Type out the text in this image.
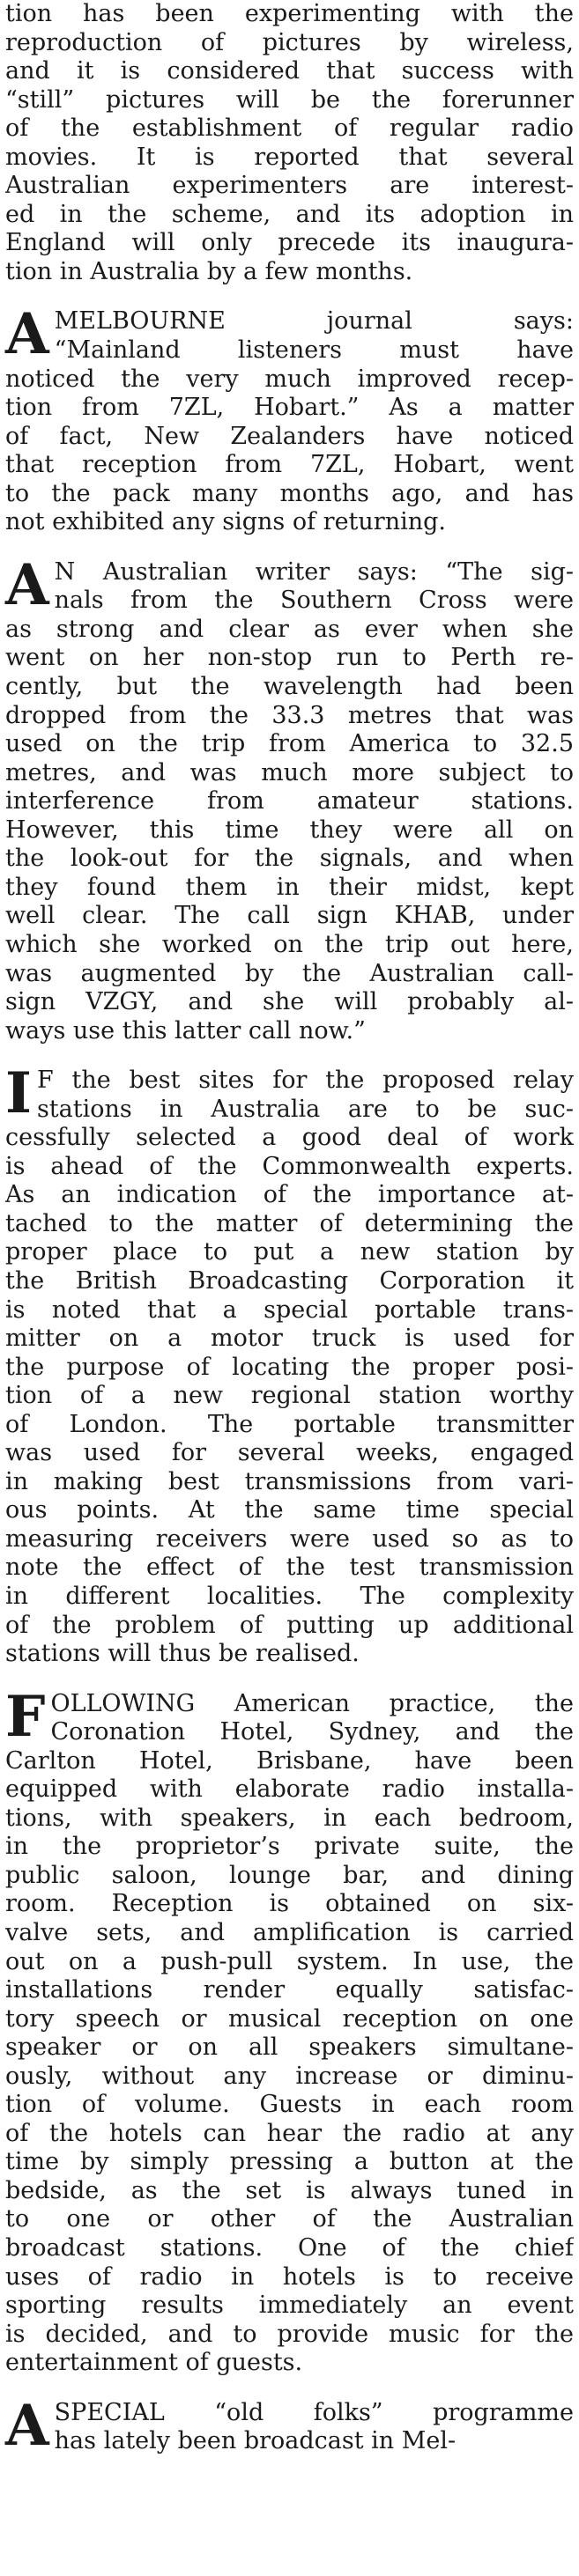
tion has been experimenting with the
reproduction of pictures by wireless,
and it is considered that success with
“still” pictures will be the forerunner
of the establishment of regular radio
movies. It is reported that several
Australian experimenters are interest-
ed in the scheme, and its adoption in
England will only precede its inaugura-
tion in Australia by a few months.
A MELBOURNE journal says:
“Mainland listeners must have
noticed the very much improved recep-
tion from 7ZL, Hobart.” As a matter
of fact, New Zealanders have noticed
that reception from 7ZL, Hobart, went
to the pack many months ago, and has
not exhibited any signs of returning.
A N Australian writer says: “The sig-
nals from the Southern Cross were
as strong and clear as ever when she
went on her non-stop run to Perth re-
cently, but the wavelength had been
dropped from the 33.3 metres that was
used on the trip from America to 32.5
metres, and was much more subject to
interference from amateur stations.
However, this time they were all on
the look-out for the signals, and when
they found them in their midst, kept
well clear. The call sign KHAB, under
which she worked on the trip out here,
was augmented by the Australian call-
sign VZGY, and she will probably al-
ways use this latter call now.”
I F the best sites for the proposed relay
stations in Australia are to be suc-
cessfully selected a good deal of work
is ahead of the Commonwealth experts.
As an indication of the importance at-
tached to the matter of determining the
proper place to put a new station by
the British Broadcasting Corporation it
is noted that a special portable trans-
mitter on a motor truck is used for
the purpose of locating the proper posi-
tion of a new regional station worthy
of London. The portable transmitter
was used for several weeks, engaged
in making best transmissions from vari-
ous points. At the same time special
measuring receivers were used so as to
note the effect of the test transmission
in different localities. The complexity
of the problem of putting up additional
stations will thus be realised.
F OLLOWING American practice, the
Coronation Hotel, Sydney, and the
Carlton Hotel, Brisbane, have been
equipped with elaborate radio installa-
tions, with speakers, in each bedroom,
in the proprietor’s private suite, the
public saloon, lounge bar, and dining
room. Reception is obtained on six-
valve sets, and amplification is carried
out on a push-pull system. In use, the
installations render equally satisfac-
tory speech or musical reception on one
speaker or on all speakers simultane-
ously, without any increase or diminu-
tion of volume. Guests in each room
of the hotels can hear the radio at any
time by simply pressing a button at the
bedside, as the set is always tuned in
to one or other of the Australian
broadcast stations. One of the chief
uses of radio in hotels is to receive
sporting results immediately an event
is decided, and to provide music for the
entertainment of guests.
A SPECIAL “old folks” programme
has lately been broadcast in Mel-
